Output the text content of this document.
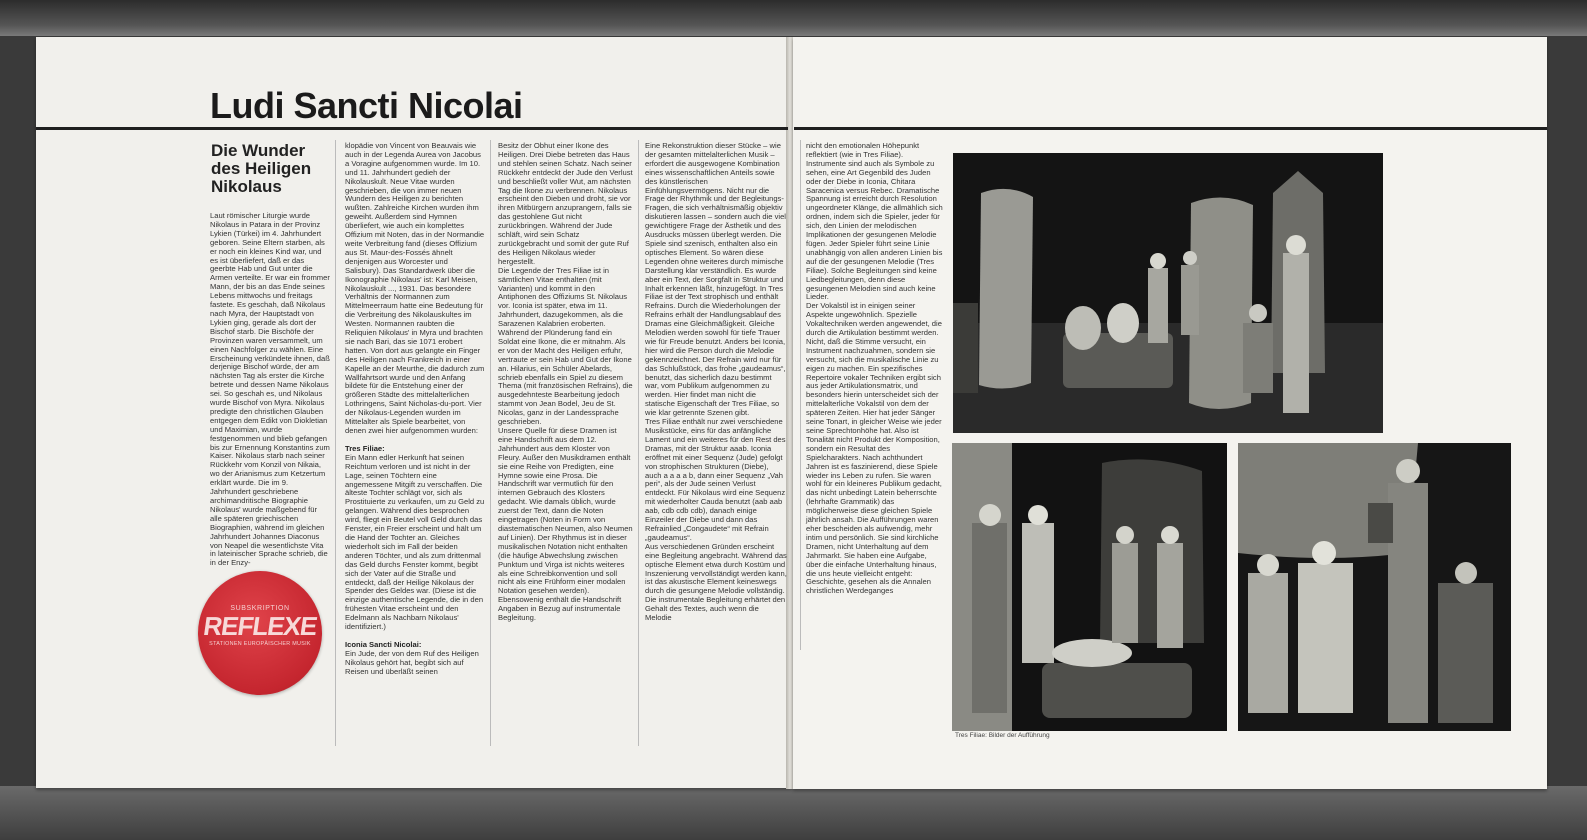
Ludi Sancti Nicolai
Die Wunder des Heiligen Nikolaus

Laut römischer Liturgie wurde Nikolaus in Patara in der Provinz Lykien (Türkei) im 4. Jahrhundert geboren. Seine Eltern starben, als er noch ein kleines Kind war, und es ist überliefert, daß er das geerbte Hab und Gut unter die Armen verteilte. Er war ein frommer Mann, der bis an das Ende seines Lebens mittwochs und freitags fastete. Es geschah, daß Nikolaus nach Myra, der Hauptstadt von Lykien ging, gerade als dort der Bischof starb. Die Bischöfe der Provinzen waren versammelt, um einen Nachfolger zu wählen. Eine Erscheinung verkündete ihnen, daß derjenige Bischof würde, der am nächsten Tag als erster die Kirche betrete und dessen Name Nikolaus sei. So geschah es, und Nikolaus wurde Bischof von Myra. Nikolaus predigte den christlichen Glauben entgegen dem Edikt von Diokletian und Maximian, wurde festgenommen und blieb gefangen bis zur Ernennung Konstantins zum Kaiser. Nikolaus starb nach seiner Rückkehr vom Konzil von Nikaia, wo der Arianismus zum Ketzertum erklärt wurde. Die im 9. Jahrhundert geschriebene archimandritische Biographie Nikolaus' wurde maßgebend für alle späteren griechischen Biographien, während im gleichen Jahrhundert Johannes Diaconus von Neapel die wesentlichste Vita in lateinischer Sprache schrieb, die in der Enzy-

klopädie von Vincent von Beauvais wie auch in der Legenda Aurea von Jacobus a Voragine aufgenommen wurde. Im 10. und 11. Jahrhundert gedieh der Nikolauskult. Neue Vitae wurden geschrieben, die von immer neuen Wundern des Heiligen zu berichten wußten. Zahlreiche Kirchen wurden ihm geweiht. Außerdem sind Hymnen überliefert, wie auch ein komplettes Offizium mit Noten, das in der Normandie weite Verbreitung fand (dieses Offizium aus St. Maur-des-Fossés ähnelt denjenigen aus Worcester und Salisbury). Das Standardwerk über die Ikonographie Nikolaus' ist: Karl Meisen, Nikolauskult ..., 1931. Das besondere Verhältnis der Normannen zum Mittelmeerraum hatte eine Bedeutung für die Verbreitung des Nikolauskultes im Westen. Normannen raubten die Reliquien Nikolaus' in Myra und brachten sie nach Bari, das sie 1071 erobert hatten. Von dort aus gelangte ein Finger des Heiligen nach Frankreich in einer Kapelle an der Meurthe, die dadurch zum Wallfahrtsort wurde und den Anfang bildete für die Entstehung einer der größeren Städte des mittelalterlichen Lothringens, Saint Nicholas-du-port. Vier der Nikolaus-Legenden wurden im Mittelalter als Spiele bearbeitet, von denen zwei hier aufgenommen wurden:

Tres Filiae:

Ein Mann edler Herkunft hat seinen Reichtum verloren und ist nicht in der Lage, seinen Töchtern eine angemessene Mitgift zu verschaffen. Die älteste Tochter schlägt vor, sich als Prostituierte zu verkaufen, um zu Geld zu gelangen. Während dies besprochen wird, fliegt ein Beutel voll Geld durch das Fenster, ein Freier erscheint und hält um die Hand der Tochter an. Gleiches wiederholt sich im Fall der beiden anderen Töchter, und als zum drittenmal das Geld durchs Fenster kommt, begibt sich der Vater auf die Straße und entdeckt, daß der Heilige Nikolaus der Spender des Geldes war. (Diese ist die einzige authentische Legende, die in den frühesten Vitae erscheint und den Edelmann als Nachbarn Nikolaus' identifiziert.)

Iconia Sancti Nicolai:

Ein Jude, der von dem Ruf des Heiligen Nikolaus gehört hat, begibt sich auf Reisen und überläßt seinen

Besitz der Obhut einer Ikone des Heiligen. Drei Diebe betreten das Haus und stehlen seinen Schatz. Nach seiner Rückkehr entdeckt der Jude den Verlust und beschließt voller Wut, am nächsten Tag die Ikone zu verbrennen. Nikolaus erscheint den Dieben und droht, sie vor ihren Mitbürgern anzuprangern, falls sie das gestohlene Gut nicht zurückbringen. Während der Jude schläft, wird sein Schatz zurückgebracht und somit der gute Ruf des Heiligen Nikolaus wieder hergestellt.

Die Legende der Tres Filiae ist in sämtlichen Vitae enthalten (mit Varianten) und kommt in den Antiphonen des Offiziums St. Nikolaus vor. Iconia ist später, etwa im 11. Jahrhundert, dazugekommen, als die Sarazenen Kalabrien eroberten. Während der Plünderung fand ein Soldat eine Ikone, die er mitnahm. Als er von der Macht des Heiligen erfuhr, vertraute er sein Hab und Gut der Ikone an. Hilarius, ein Schüler Abelards, schrieb ebenfalls ein Spiel zu diesem Thema (mit französischen Refrains), die ausgedehnteste Bearbeitung jedoch stammt von Jean Bodel, Jeu de St. Nicolas, ganz in der Landessprache geschrieben.

Unsere Quelle für diese Dramen ist eine Handschrift aus dem 12. Jahrhundert aus dem Kloster von Fleury. Außer den Musikdramen enthält sie eine Reihe von Predigten, eine Hymne sowie eine Prosa. Die Handschrift war vermutlich für den internen Gebrauch des Klosters gedacht. Wie damals üblich, wurde zuerst der Text, dann die Noten eingetragen (Noten in Form von diastematischen Neumen, also Neumen auf Linien). Der Rhythmus ist in dieser musikalischen Notation nicht enthalten (die häufige Abwechslung zwischen Punktum und Virga ist nichts weiteres als eine Schreibkonvention und soll nicht als eine Frühform einer modalen Notation gesehen werden). Ebensowenig enthält die Handschrift Angaben in Bezug auf instrumentale Begleitung.

Eine Rekonstruktion dieser Stücke – wie der gesamten mittelalterlichen Musik – erfordert die ausgewogene Kombination eines wissenschaftlichen Anteils sowie des künstlerischen Einfühlungsvermögens. Nicht nur die Frage der Rhythmik und der Begleitungs-Fragen, die sich verhältnismäßig objektiv diskutieren lassen – sondern auch die viel gewichtigere Frage der Ästhetik und des Ausdrucks müssen überlegt werden. Die Spiele sind szenisch, enthalten also ein optisches Element. So wären diese Legenden ohne weiteres durch mimische Darstellung klar verständlich. Es wurde aber ein Text, der Sorgfalt in Struktur und Inhalt erkennen läßt, hinzugefügt. In Tres Filiae ist der Text strophisch und enthält Refrains. Durch die Wiederholungen der Refrains erhält der Handlungsablauf des Dramas eine Gleichmäßigkeit. Gleiche Melodien werden sowohl für tiefe Trauer wie für Freude benutzt. Anders bei Iconia, hier wird die Person durch die Melodie gekennzeichnet. Der Refrain wird nur für das Schlußstück, das frohe „gaudeamus“, benutzt, das sicherlich dazu bestimmt war, vom Publikum aufgenommen zu werden. Hier findet man nicht die statische Eigenschaft der Tres Filiae, so wie klar getrennte Szenen gibt.

Tres Filiae enthält nur zwei verschiedene Musikstücke, eins für das anfängliche Lament und ein weiteres für den Rest des Dramas, mit der Struktur aaab. Iconia eröffnet mit einer Sequenz (Jude) gefolgt von strophischen Strukturen (Diebe), auch a a a a b, dann einer Sequenz „Vah peri“, als der Jude seinen Verlust entdeckt. Für Nikolaus wird eine Sequenz mit wiederholter Cauda benutzt (aab aab aab, cdb cdb cdb), danach einige Einzeiler der Diebe und dann das Refrainlied „Congaudete“ mit Refrain „gaudeamus“.

Aus verschiedenen Gründen erscheint eine Begleitung angebracht. Während das optische Element etwa durch Kostüm und Inszenierung vervollständigt werden kann, ist das akustische Element keineswegs durch die gesungene Melodie vollständig. Die instrumentale Begleitung erhärtet den Gehalt des Textes, auch wenn die Melodie

nicht den emotionalen Höhepunkt reflektiert (wie in Tres Filiae). Instrumente sind auch als Symbole zu sehen, eine Art Gegenbild des Juden oder der Diebe in Iconia, Chitara Saracenica versus Rebec. Dramatische Spannung ist erreicht durch Resolution ungeordneter Klänge, die allmählich sich ordnen, indem sich die Spieler, jeder für sich, den Linien der melodischen Implikationen der gesungenen Melodie fügen. Jeder Spieler führt seine Linie unabhängig von allen anderen Linien bis auf die der gesungenen Melodie (Tres Filiae). Solche Begleitungen sind keine Liedbegleitungen, denn diese gesungenen Melodien sind auch keine Lieder.

Der Vokalstil ist in einigen seiner Aspekte ungewöhnlich. Spezielle Vokaltechniken werden angewendet, die durch die Artikulation bestimmt werden. Nicht, daß die Stimme versucht, ein Instrument nachzuahmen, sondern sie versucht, sich die musikalische Linie zu eigen zu machen. Ein spezifisches Repertoire vokaler Techniken ergibt sich aus jeder Artikulationsmatrix, und besonders hierin unterscheidet sich der mittelalterliche Vokalstil von dem der späteren Zeiten. Hier hat jeder Sänger seine Tonart, in gleicher Weise wie jeder seine Sprechtonhöhe hat. Also ist Tonalität nicht Produkt der Komposition, sondern ein Resultat des Spielcharakters. Nach achthundert Jahren ist es faszinierend, diese Spiele wieder ins Leben zu rufen. Sie waren wohl für ein kleineres Publikum gedacht, das nicht unbedingt Latein beherrschte (lehrhafte Grammatik) das möglicherweise diese gleichen Spiele jährlich ansah. Die Aufführungen waren eher bescheiden als aufwendig, mehr intim und persönlich. Sie sind kirchliche Dramen, nicht Unterhaltung auf dem Jahrmarkt. Sie haben eine Aufgabe, über die einfache Unterhaltung hinaus, die uns heute vielleicht entgeht: Geschichte, gesehen als die Annalen christlichen Werdeganges

SUBSKRIPTION
REFLEXE
STATIONEN EUROPÄISCHER MUSIK
Tres Filiae: Bilder der Aufführung
